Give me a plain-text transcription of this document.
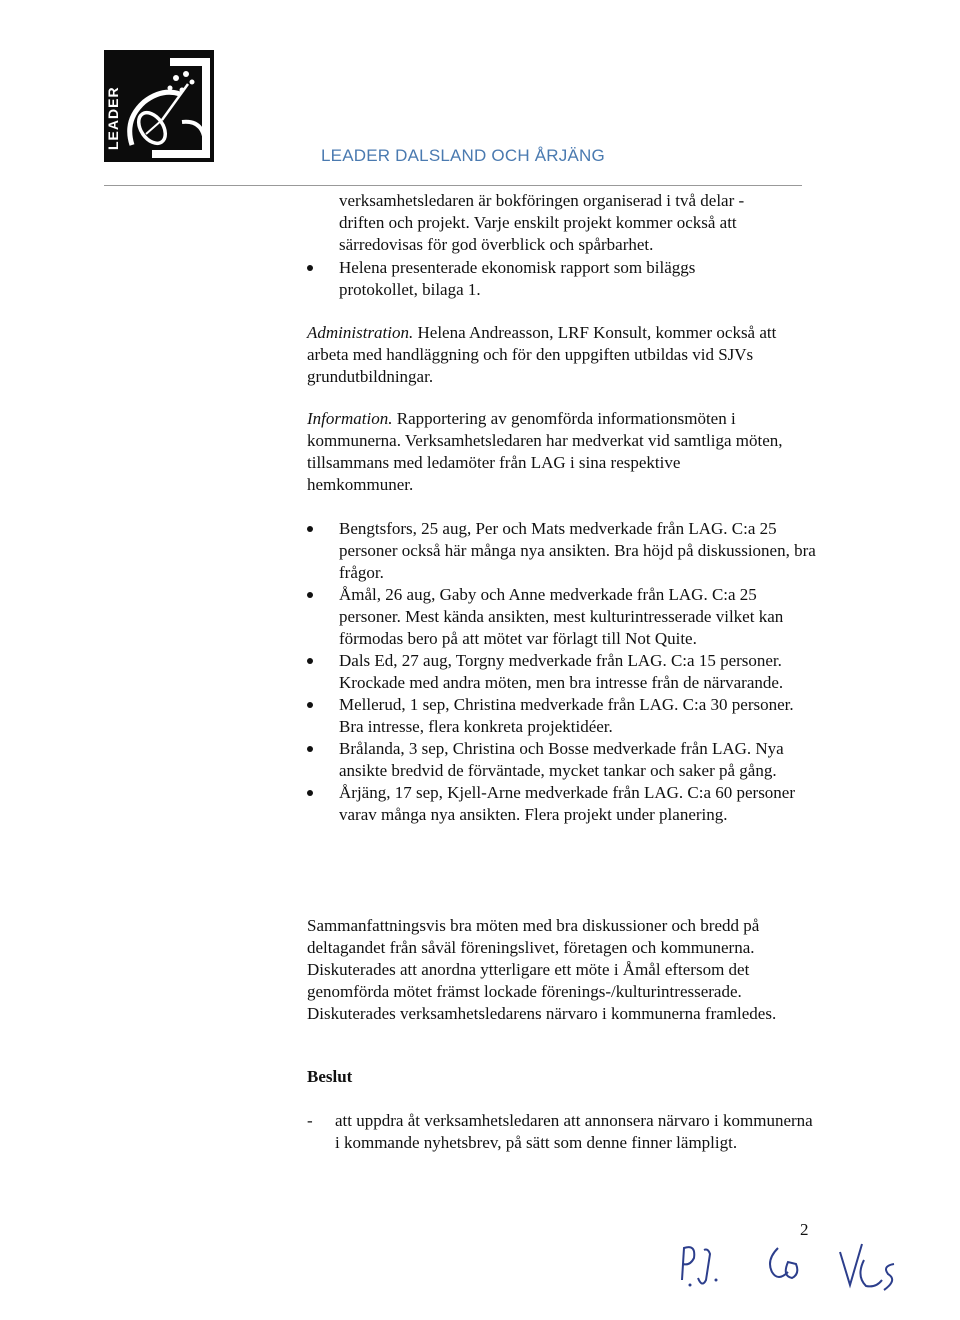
LEADER
LEADER DALSLAND OCH ÅRJÄNG

verksamhetsledaren är bokföringen organiserad i två delar - driften och projekt. Varje enskilt projekt kommer också att särredovisas för god överblick och spårbarhet.

Helena presenterade ekonomisk rapport som biläggs protokollet, bilaga 1.

Administration. Helena Andreasson, LRF Konsult, kommer också att arbeta med handläggning och för den uppgiften utbildas vid SJVs grundutbildningar.

Information. Rapportering av genomförda informationsmöten i kommunerna. Verksamhetsledaren har medverkat vid samtliga möten, tillsammans med ledamöter från LAG i sina respektive hemkommuner.

Bengtsfors, 25 aug, Per och Mats medverkade från LAG. C:a 25 personer också här många nya ansikten. Bra höjd på diskussionen, bra frågor.
Åmål, 26 aug, Gaby och Anne medverkade från LAG. C:a 25 personer. Mest kända ansikten, mest kulturintresserade vilket kan förmodas bero på att mötet var förlagt till Not Quite.
Dals Ed, 27 aug, Torgny medverkade från LAG. C:a 15 personer. Krockade med andra möten, men bra intresse från de närvarande.
Mellerud, 1 sep, Christina medverkade från LAG. C:a 30 personer. Bra intresse, flera konkreta projektidéer.
Brålanda, 3 sep, Christina och Bosse medverkade från LAG. Nya ansikte bredvid de förväntade, mycket tankar och saker på gång.
Årjäng, 17 sep, Kjell-Arne medverkade från LAG. C:a 60 personer varav många nya ansikten. Flera projekt under planering.

Sammanfattningsvis bra möten med bra diskussioner och bredd på deltagandet från såväl föreningslivet, företagen och kommunerna. Diskuterades att anordna ytterligare ett möte i Åmål eftersom det genomförda mötet främst lockade förenings-/kulturintresserade. Diskuterades verksamhetsledarens närvaro i kommunerna framledes.

Beslut
- att uppdra åt verksamhetsledaren att annonsera närvaro i kommunerna i kommande nyhetsbrev, på sätt som denne finner lämpligt.
2
